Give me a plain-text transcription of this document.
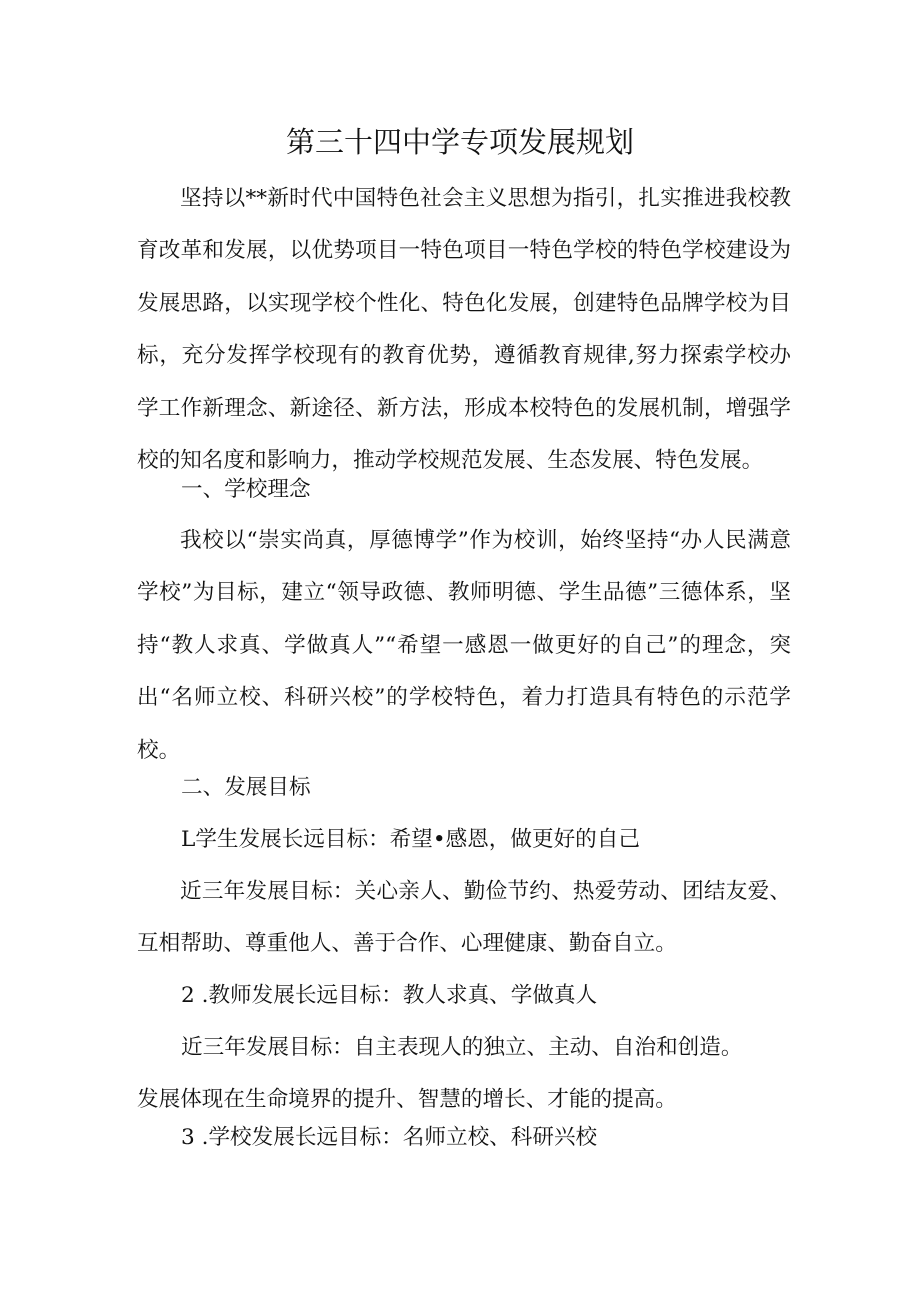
第三十四中学专项发展规划

坚持以**新时代中国特色社会主义思想为指引，扎实推进我校教育改革和发展，以优势项目一特色项目一特色学校的特色学校建设为发展思路，以实现学校个性化、特色化发展，创建特色品牌学校为目标，充分发挥学校现有的教育优势，遵循教育规律,努力探索学校办学工作新理念、新途径、新方法，形成本校特色的发展机制，增强学校的知名度和影响力，推动学校规范发展、生态发展、特色发展。

一、学校理念

我校以“崇实尚真，厚德博学”作为校训，始终坚持“办人民满意学校”为目标，建立“领导政德、教师明德、学生品德”三德体系，坚持“教人求真、学做真人”“希望一感恩一做更好的自己”的理念，突出“名师立校、科研兴校”的学校特色，着力打造具有特色的示范学校。

二、发展目标

L学生发展长远目标：希望•感恩，做更好的自己

近三年发展目标：关心亲人、勤俭节约、热爱劳动、团结友爱、互相帮助、尊重他人、善于合作、心理健康、勤奋自立。

2 .教师发展长远目标：教人求真、学做真人

近三年发展目标：自主表现人的独立、主动、自治和创造。

发展体现在生命境界的提升、智慧的增长、才能的提高。

3 .学校发展长远目标：名师立校、科研兴校
